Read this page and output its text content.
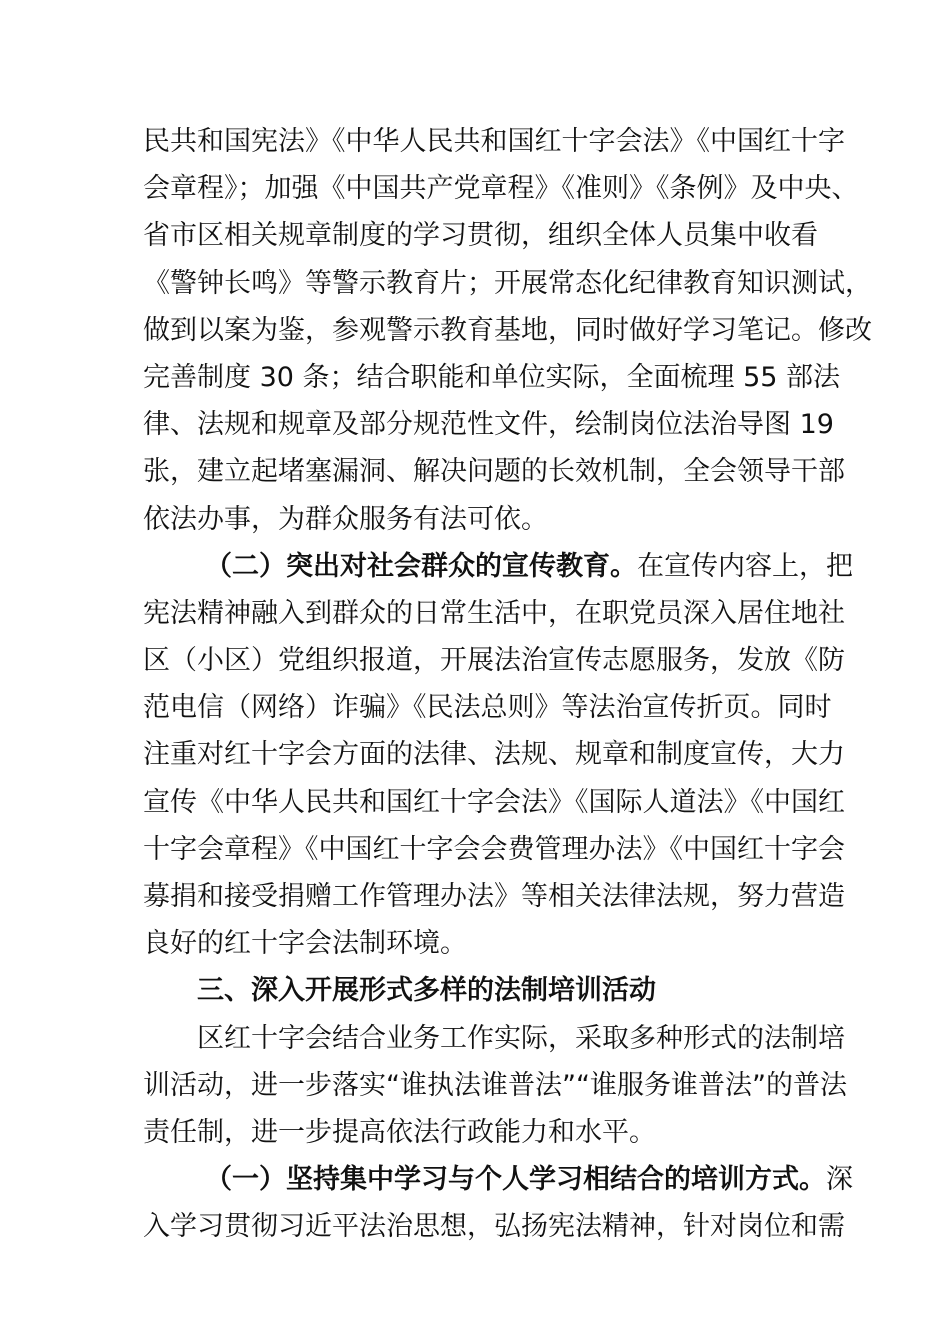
民共和国宪法》《中华人民共和国红十字会法》《中国红十字
会章程》；加强《中国共产党章程》《准则》《条例》及中央、
省市区相关规章制度的学习贯彻，组织全体人员集中收看
《警钟长鸣》等警示教育片；开展常态化纪律教育知识测试，
做到以案为鉴，参观警示教育基地，同时做好学习笔记。修改
完善制度 30 条；结合职能和单位实际，全面梳理 55 部法
律、法规和规章及部分规范性文件，绘制岗位法治导图 19
张，建立起堵塞漏洞、解决问题的长效机制，全会领导干部
依法办事，为群众服务有法可依。
（二）突出对社会群众的宣传教育。在宣传内容上，把
宪法精神融入到群众的日常生活中，在职党员深入居住地社
区（小区）党组织报道，开展法治宣传志愿服务，发放《防
范电信（网络）诈骗》《民法总则》等法治宣传折页。同时
注重对红十字会方面的法律、法规、规章和制度宣传，大力
宣传《中华人民共和国红十字会法》《国际人道法》《中国红
十字会章程》《中国红十字会会费管理办法》《中国红十字会
募捐和接受捐赠工作管理办法》等相关法律法规，努力营造
良好的红十字会法制环境。
三、深入开展形式多样的法制培训活动
区红十字会结合业务工作实际，采取多种形式的法制培
训活动，进一步落实“谁执法谁普法”“谁服务谁普法”的普法
责任制，进一步提高依法行政能力和水平。
（一）坚持集中学习与个人学习相结合的培训方式。深
入学习贯彻习近平法治思想，弘扬宪法精神，针对岗位和需
